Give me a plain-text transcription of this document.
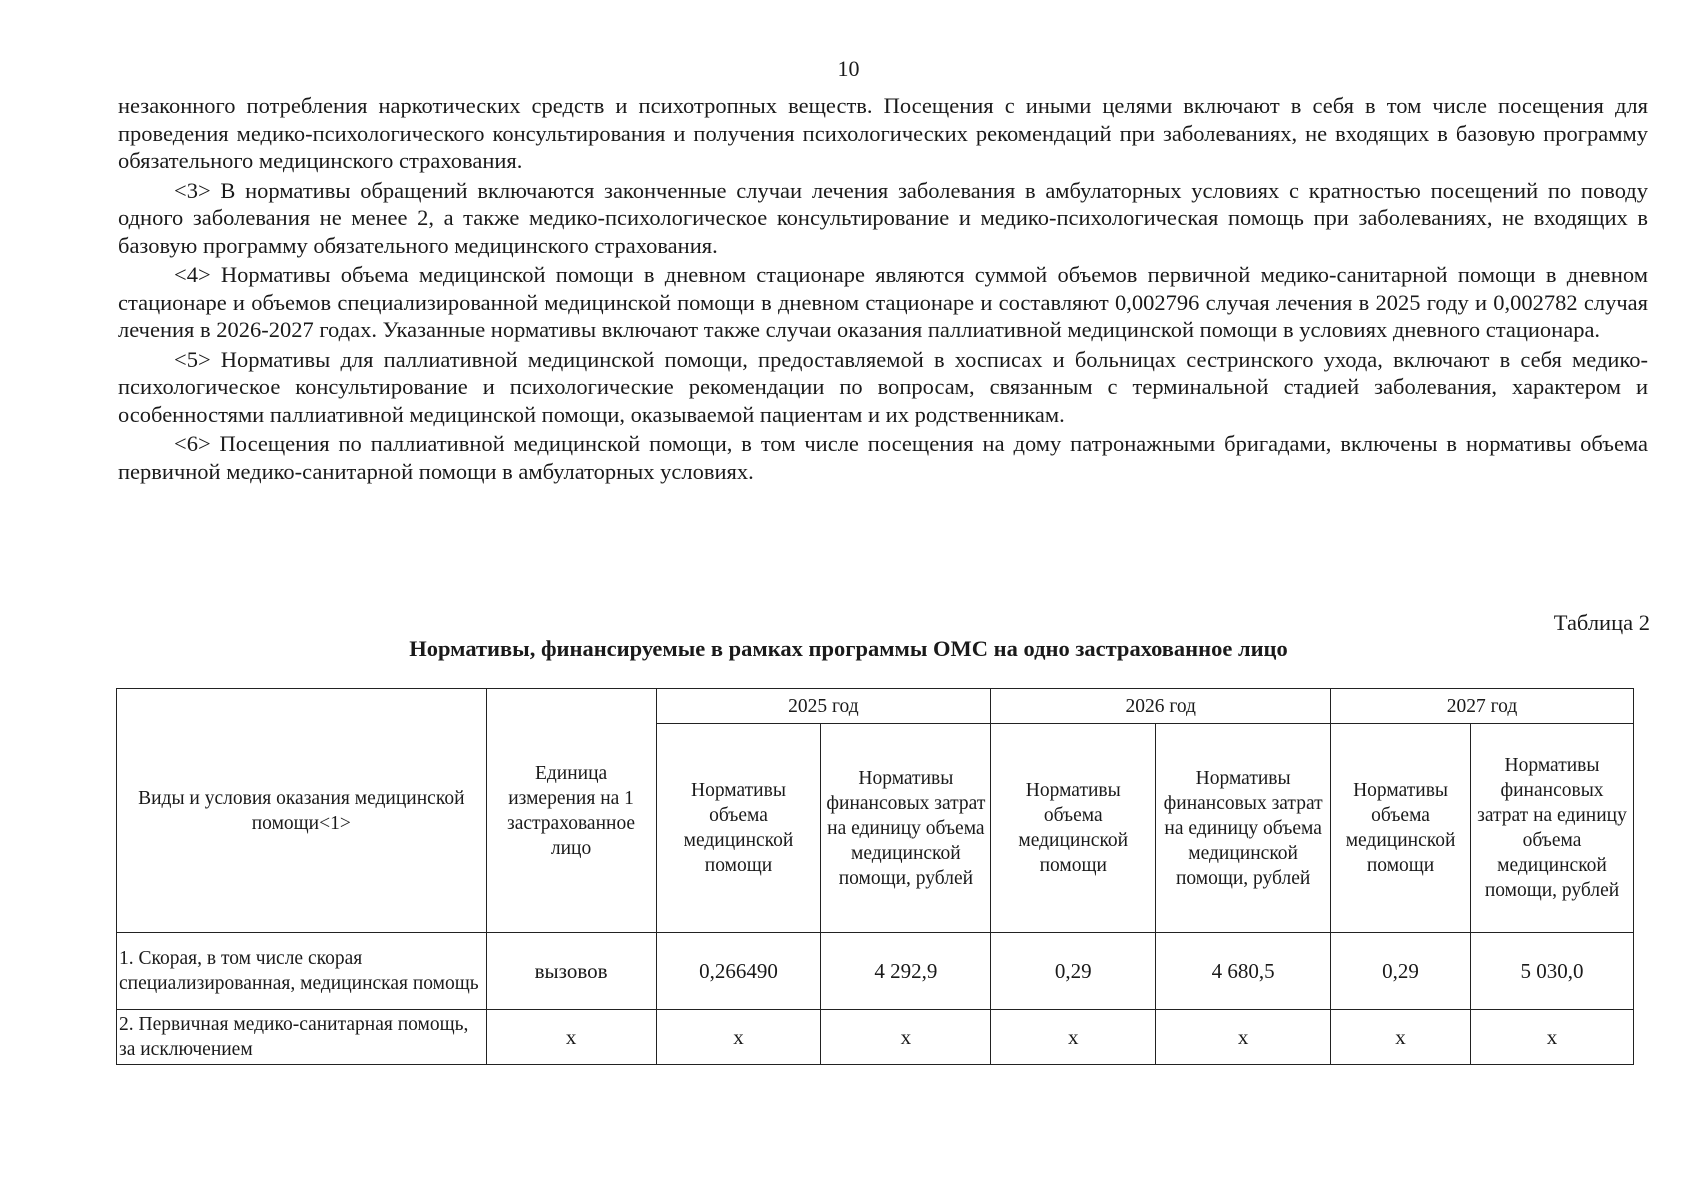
10

незаконного потребления наркотических средств и психотропных веществ. Посещения с иными целями включают в себя в том числе посещения для проведения медико-психологического консультирования и получения психологических рекомендаций при заболеваниях, не входящих в базовую программу обязательного медицинского страхования.

<3> В нормативы обращений включаются законченные случаи лечения заболевания в амбулаторных условиях с кратностью посещений по поводу одного заболевания не менее 2, а также медико-психологическое консультирование и медико-психологическая помощь при заболеваниях, не входящих в базовую программу обязательного медицинского страхования.

<4> Нормативы объема медицинской помощи в дневном стационаре являются суммой объемов первичной медико-санитарной помощи в дневном стационаре и объемов специализированной медицинской помощи в дневном стационаре и составляют 0,002796 случая лечения в 2025 году и 0,002782 случая лечения в 2026-2027 годах. Указанные нормативы включают также случаи оказания паллиативной медицинской помощи в условиях дневного стационара.

<5> Нормативы для паллиативной медицинской помощи, предоставляемой в хосписах и больницах сестринского ухода, включают в себя медико-психологическое консультирование и психологические рекомендации по вопросам, связанным с терминальной стадией заболевания, характером и особенностями паллиативной медицинской помощи, оказываемой пациентам и их родственникам.

<6> Посещения по паллиативной медицинской помощи, в том числе посещения на дому патронажными бригадами, включены в нормативы объема первичной медико-санитарной помощи в амбулаторных условиях.

Таблица 2
Нормативы, финансируемые в рамках программы ОМС на одно застрахованное лицо
Виды и условия оказания медицинской помощи<1>	Единица измерения на 1 застрахованное лицо	2025 год		2026 год		2027 год	
		Нормативы объема медицинской помощи	Нормативы финансовых затрат на единицу объема медицинской помощи, рублей	Нормативы объема медицинской помощи	Нормативы финансовых затрат на единицу объема медицинской помощи, рублей	Нормативы объема медицинской помощи	Нормативы финансовых затрат на единицу объема медицинской помощи, рублей
1. Скорая, в том числе скорая специализированная, медицинская помощь	вызовов	0,266490	4 292,9	0,29	4 680,5	0,29	5 030,0
2. Первичная медико-санитарная помощь, за исключением	х	х	х	х	х	х	х
